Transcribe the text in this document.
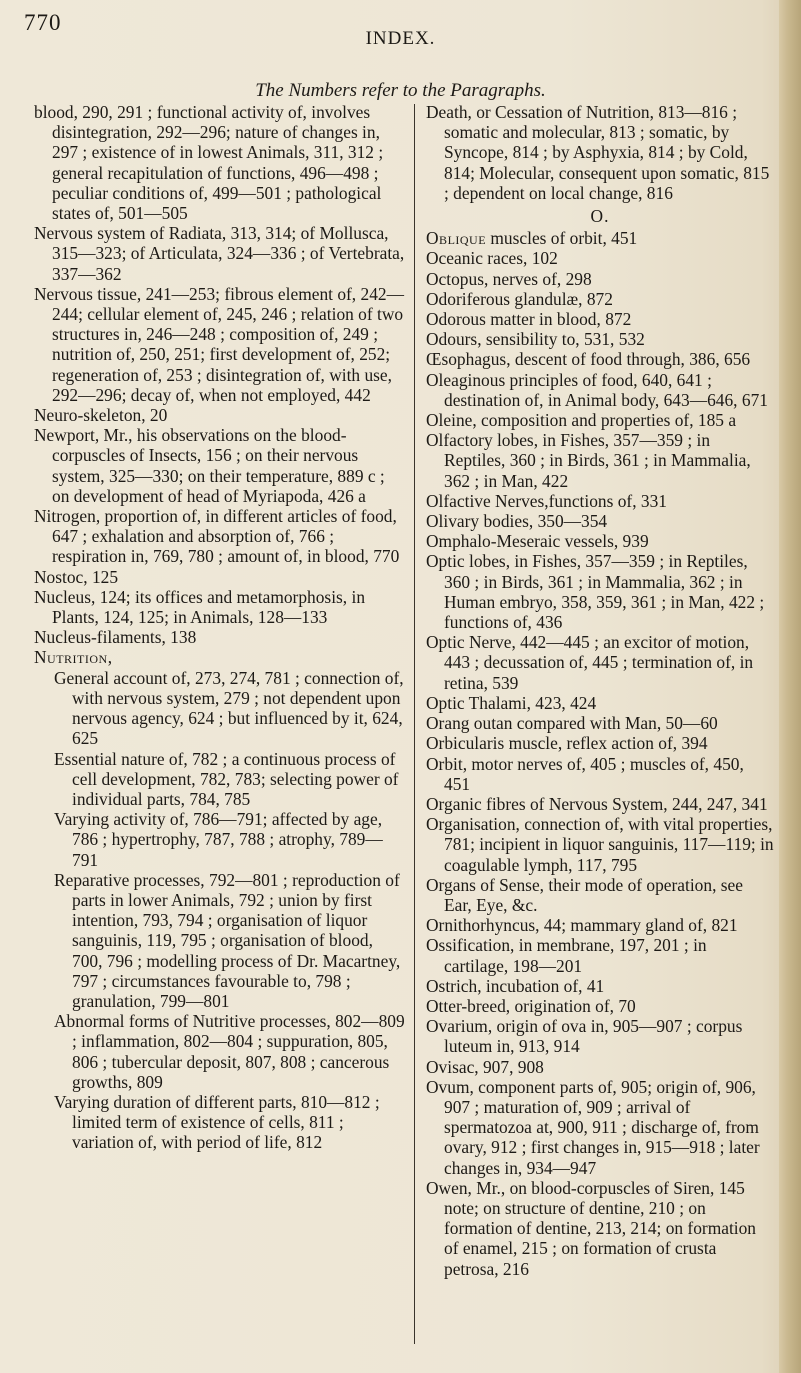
770
INDEX.
The Numbers refer to the Paragraphs.

blood, 290, 291 ; functional activity of, involves disintegration, 292—296; nature of changes in, 297 ; existence of in lowest Animals, 311, 312 ; general recapitulation of functions, 496—498 ; peculiar conditions of, 499—501 ; pathological states of, 501—505

Nervous system of Radiata, 313, 314; of Mollusca, 315—323; of Articulata, 324—336 ; of Vertebrata, 337—362

Nervous tissue, 241—253; fibrous element of, 242—244; cellular element of, 245, 246 ; relation of two structures in, 246—248 ; composition of, 249 ; nutrition of, 250, 251; first development of, 252; regeneration of, 253 ; disintegration of, with use, 292—296; decay of, when not employed, 442

Neuro-skeleton, 20

Newport, Mr., his observations on the blood-corpuscles of Insects, 156 ; on their nervous system, 325—330; on their temperature, 889 c ; on development of head of Myriapoda, 426 a

Nitrogen, proportion of, in different articles of food, 647 ; exhalation and absorption of, 766 ; respiration in, 769, 780 ; amount of, in blood, 770

Nostoc, 125

Nucleus, 124; its offices and metamorphosis, in Plants, 124, 125; in Animals, 128—133

Nucleus-filaments, 138

Nutrition,

General account of, 273, 274, 781 ; connection of, with nervous system, 279 ; not dependent upon nervous agency, 624 ; but influenced by it, 624, 625

Essential nature of, 782 ; a continuous process of cell development, 782, 783; selecting power of individual parts, 784, 785

Varying activity of, 786—791; affected by age, 786 ; hypertrophy, 787, 788 ; atrophy, 789—791

Reparative processes, 792—801 ; reproduction of parts in lower Animals, 792 ; union by first intention, 793, 794 ; organisation of liquor sanguinis, 119, 795 ; organisation of blood, 700, 796 ; modelling process of Dr. Macartney, 797 ; circumstances favourable to, 798 ; granulation, 799—801

Abnormal forms of Nutritive processes, 802—809 ; inflammation, 802—804 ; suppuration, 805, 806 ; tubercular deposit, 807, 808 ; cancerous growths, 809

Varying duration of different parts, 810—812 ; limited term of existence of cells, 811 ; variation of, with period of life, 812

Death, or Cessation of Nutrition, 813—816 ; somatic and molecular, 813 ; somatic, by Syncope, 814 ; by Asphyxia, 814 ; by Cold, 814; Molecular, consequent upon somatic, 815 ; dependent on local change, 816

O.

Oblique muscles of orbit, 451

Oceanic races, 102

Octopus, nerves of, 298

Odoriferous glandulæ, 872

Odorous matter in blood, 872

Odours, sensibility to, 531, 532

Œsophagus, descent of food through, 386, 656

Oleaginous principles of food, 640, 641 ; destination of, in Animal body, 643—646, 671

Oleine, composition and properties of, 185 a

Olfactory lobes, in Fishes, 357—359 ; in Reptiles, 360 ; in Birds, 361 ; in Mammalia, 362 ; in Man, 422

Olfactive Nerves,functions of, 331

Olivary bodies, 350—354

Omphalo-Meseraic vessels, 939

Optic lobes, in Fishes, 357—359 ; in Reptiles, 360 ; in Birds, 361 ; in Mammalia, 362 ; in Human embryo, 358, 359, 361 ; in Man, 422 ; functions of, 436

Optic Nerve, 442—445 ; an excitor of motion, 443 ; decussation of, 445 ; termination of, in retina, 539

Optic Thalami, 423, 424

Orang outan compared with Man, 50—60

Orbicularis muscle, reflex action of, 394

Orbit, motor nerves of, 405 ; muscles of, 450, 451

Organic fibres of Nervous System, 244, 247, 341

Organisation, connection of, with vital properties, 781; incipient in liquor sanguinis, 117—119; in coagulable lymph, 117, 795

Organs of Sense, their mode of operation, see Ear, Eye, &c.

Ornithorhyncus, 44; mammary gland of, 821

Ossification, in membrane, 197, 201 ; in cartilage, 198—201

Ostrich, incubation of, 41

Otter-breed, origination of, 70

Ovarium, origin of ova in, 905—907 ; corpus luteum in, 913, 914

Ovisac, 907, 908

Ovum, component parts of, 905; origin of, 906, 907 ; maturation of, 909 ; arrival of spermatozoa at, 900, 911 ; discharge of, from ovary, 912 ; first changes in, 915—918 ; later changes in, 934—947

Owen, Mr., on blood-corpuscles of Siren, 145 note; on structure of dentine, 210 ; on formation of dentine, 213, 214; on formation of enamel, 215 ; on formation of crusta petrosa, 216
